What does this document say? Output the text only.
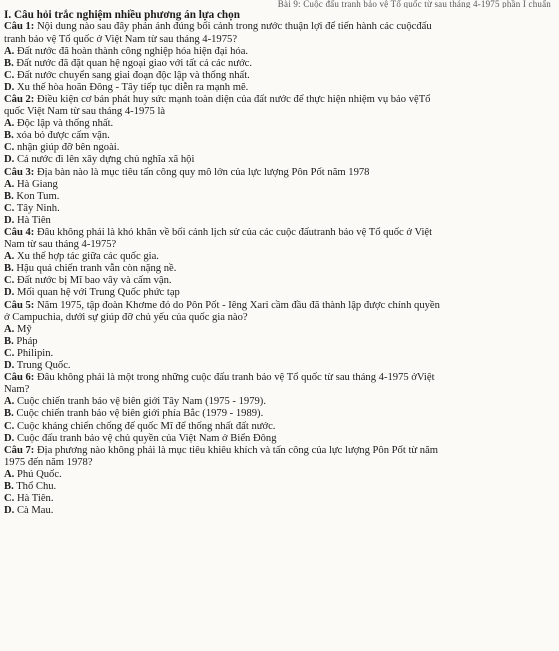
Bài 9: Cuộc đấu tranh bảo vệ Tổ quốc từ sau tháng 4-1975 phần I chuẩn
I. Câu hỏi trắc nghiệm nhiều phương án lựa chọn
Câu 1: Nội dung nào sau đây phản ánh đúng bối cảnh trong nước thuận lợi để tiến hành các cuộcđấu
tranh bảo vệ Tổ quốc ở Việt Nam từ sau tháng 4-1975?
A. Đất nước đã hoàn thành công nghiệp hóa hiện đại hóa.
B. Đất nước đã đặt quan hệ ngoại giao với tất cả các nước.
C. Đất nước chuyển sang giai đoạn độc lập và thống nhất.
D. Xu thế hòa hoãn Đông - Tây tiếp tục diễn ra mạnh mẽ.
Câu 2: Điều kiện cơ bản phát huy sức mạnh toàn diện của đất nước để thực hiện nhiệm vụ bảo vệTổ
quốc Việt Nam từ sau tháng 4-1975 là
A. Độc lập và thống nhất.
B. xóa bỏ được cấm vận.
C. nhận giúp đỡ bên ngoài.
D. Cả nước đi lên xây dựng chủ nghĩa xã hội
Câu 3: Địa bàn nào là mục tiêu tấn công quy mô lớn của lực lượng Pôn Pốt năm 1978
A. Hà Giang
B. Kon Tum.
C. Tây Ninh.
D. Hà Tiên
Câu 4: Đâu không phải là khó khăn về bối cảnh lịch sử của các cuộc đấutranh bảo vệ Tổ quốc ở Việt
Nam từ sau tháng 4-1975?
A. Xu thế hợp tác giữa các quốc gia.
B. Hậu quả chiến tranh vẫn còn nặng nề.
C. Đất nước bị Mĩ bao vây và cấm vận.
D. Mối quan hệ với Trung Quốc phức tạp
Câu 5: Năm 1975, tập đoàn Khơme đỏ do Pôn Pốt - Iêng Xari cầm đầu đã thành lập được chính quyền
ở Campuchia, dưới sự giúp đỡ chủ yếu của quốc gia nào?
A. Mỹ
B. Pháp
C. Philipin.
D. Trung Quốc.
Câu 6: Đâu không phải là một trong những cuộc đấu tranh bảo vệ Tổ quốc từ sau tháng 4-1975 ởViệt
Nam?
A. Cuộc chiến tranh bảo vệ biên giới Tây Nam (1975 - 1979).
B. Cuộc chiến tranh bảo vệ biên giới phía Bắc (1979 - 1989).
C. Cuộc kháng chiến chống đế quốc Mĩ để thống nhất đất nước.
D. Cuộc đấu tranh bảo vệ chủ quyền của Việt Nam ở Biển Đông
Câu 7: Địa phương nào không phải là mục tiêu khiêu khích và tấn công của lực lượng Pôn Pốt từ năm
1975 đến năm 1978?
A. Phú Quốc.
B. Thổ Chu.
C. Hà Tiên.
D. Cà Mau.
